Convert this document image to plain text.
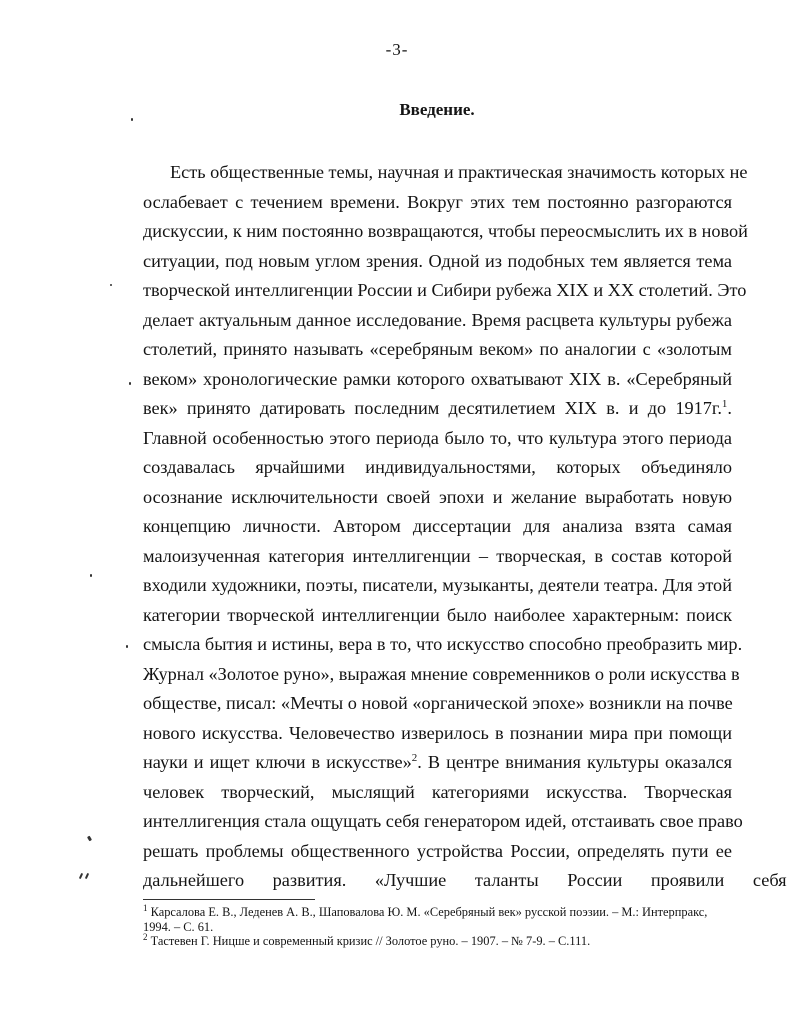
-3-
Введение.
Есть общественные темы, научная и практическая значимость которых не
ослабевает с течением времени. Вокруг этих тем постоянно разгораются
дискуссии, к ним постоянно возвращаются, чтобы переосмыслить их в новой
ситуации, под новым углом зрения. Одной из подобных тем является тема
творческой интеллигенции России и Сибири рубежа XIX и XX столетий. Это
делает актуальным данное исследование. Время расцвета культуры рубежа
столетий, принято называть «серебряным веком» по аналогии с «золотым
веком» хронологические рамки которого охватывают XIX в. «Серебряный
век» принято датировать последним десятилетием XIX в. и до 1917г.$^1$.
Главной особенностью этого периода было то, что культура этого периода
создавалась ярчайшими индивидуальностями, которых объединяло
осознание исключительности своей эпохи и желание выработать новую
концепцию личности. Автором диссертации для анализа взята самая
малоизученная категория интеллигенции – творческая, в состав которой
входили художники, поэты, писатели, музыканты, деятели театра. Для этой
категории творческой интеллигенции было наиболее характерным: поиск
смысла бытия и истины, вера в то, что искусство способно преобразить мир.
Журнал «Золотое руно», выражая мнение современников о роли искусства в
обществе, писал: «Мечты о новой «органической эпохе» возникли на почве
нового искусства. Человечество изверилось в познании мира при помощи
науки и ищет ключи в искусстве»$^2$. В центре внимания культуры оказался
человек творческий, мыслящий категориями искусства. Творческая
интеллигенция стала ощущать себя генератором идей, отстаивать свое право
решать проблемы общественного устройства России, определять пути ее
дальнейшего развития. «Лучшие таланты России проявили себя
$^1$ Карсалова Е. В., Леденев А. В., Шаповалова Ю. М. «Серебряный век» русской поэзии. – М.: Интерпракс,
1994. – С. 61.
$^2$ Тастевен Г. Ницше и современный кризис // Золотое руно. – 1907. – № 7-9. – С.111.
